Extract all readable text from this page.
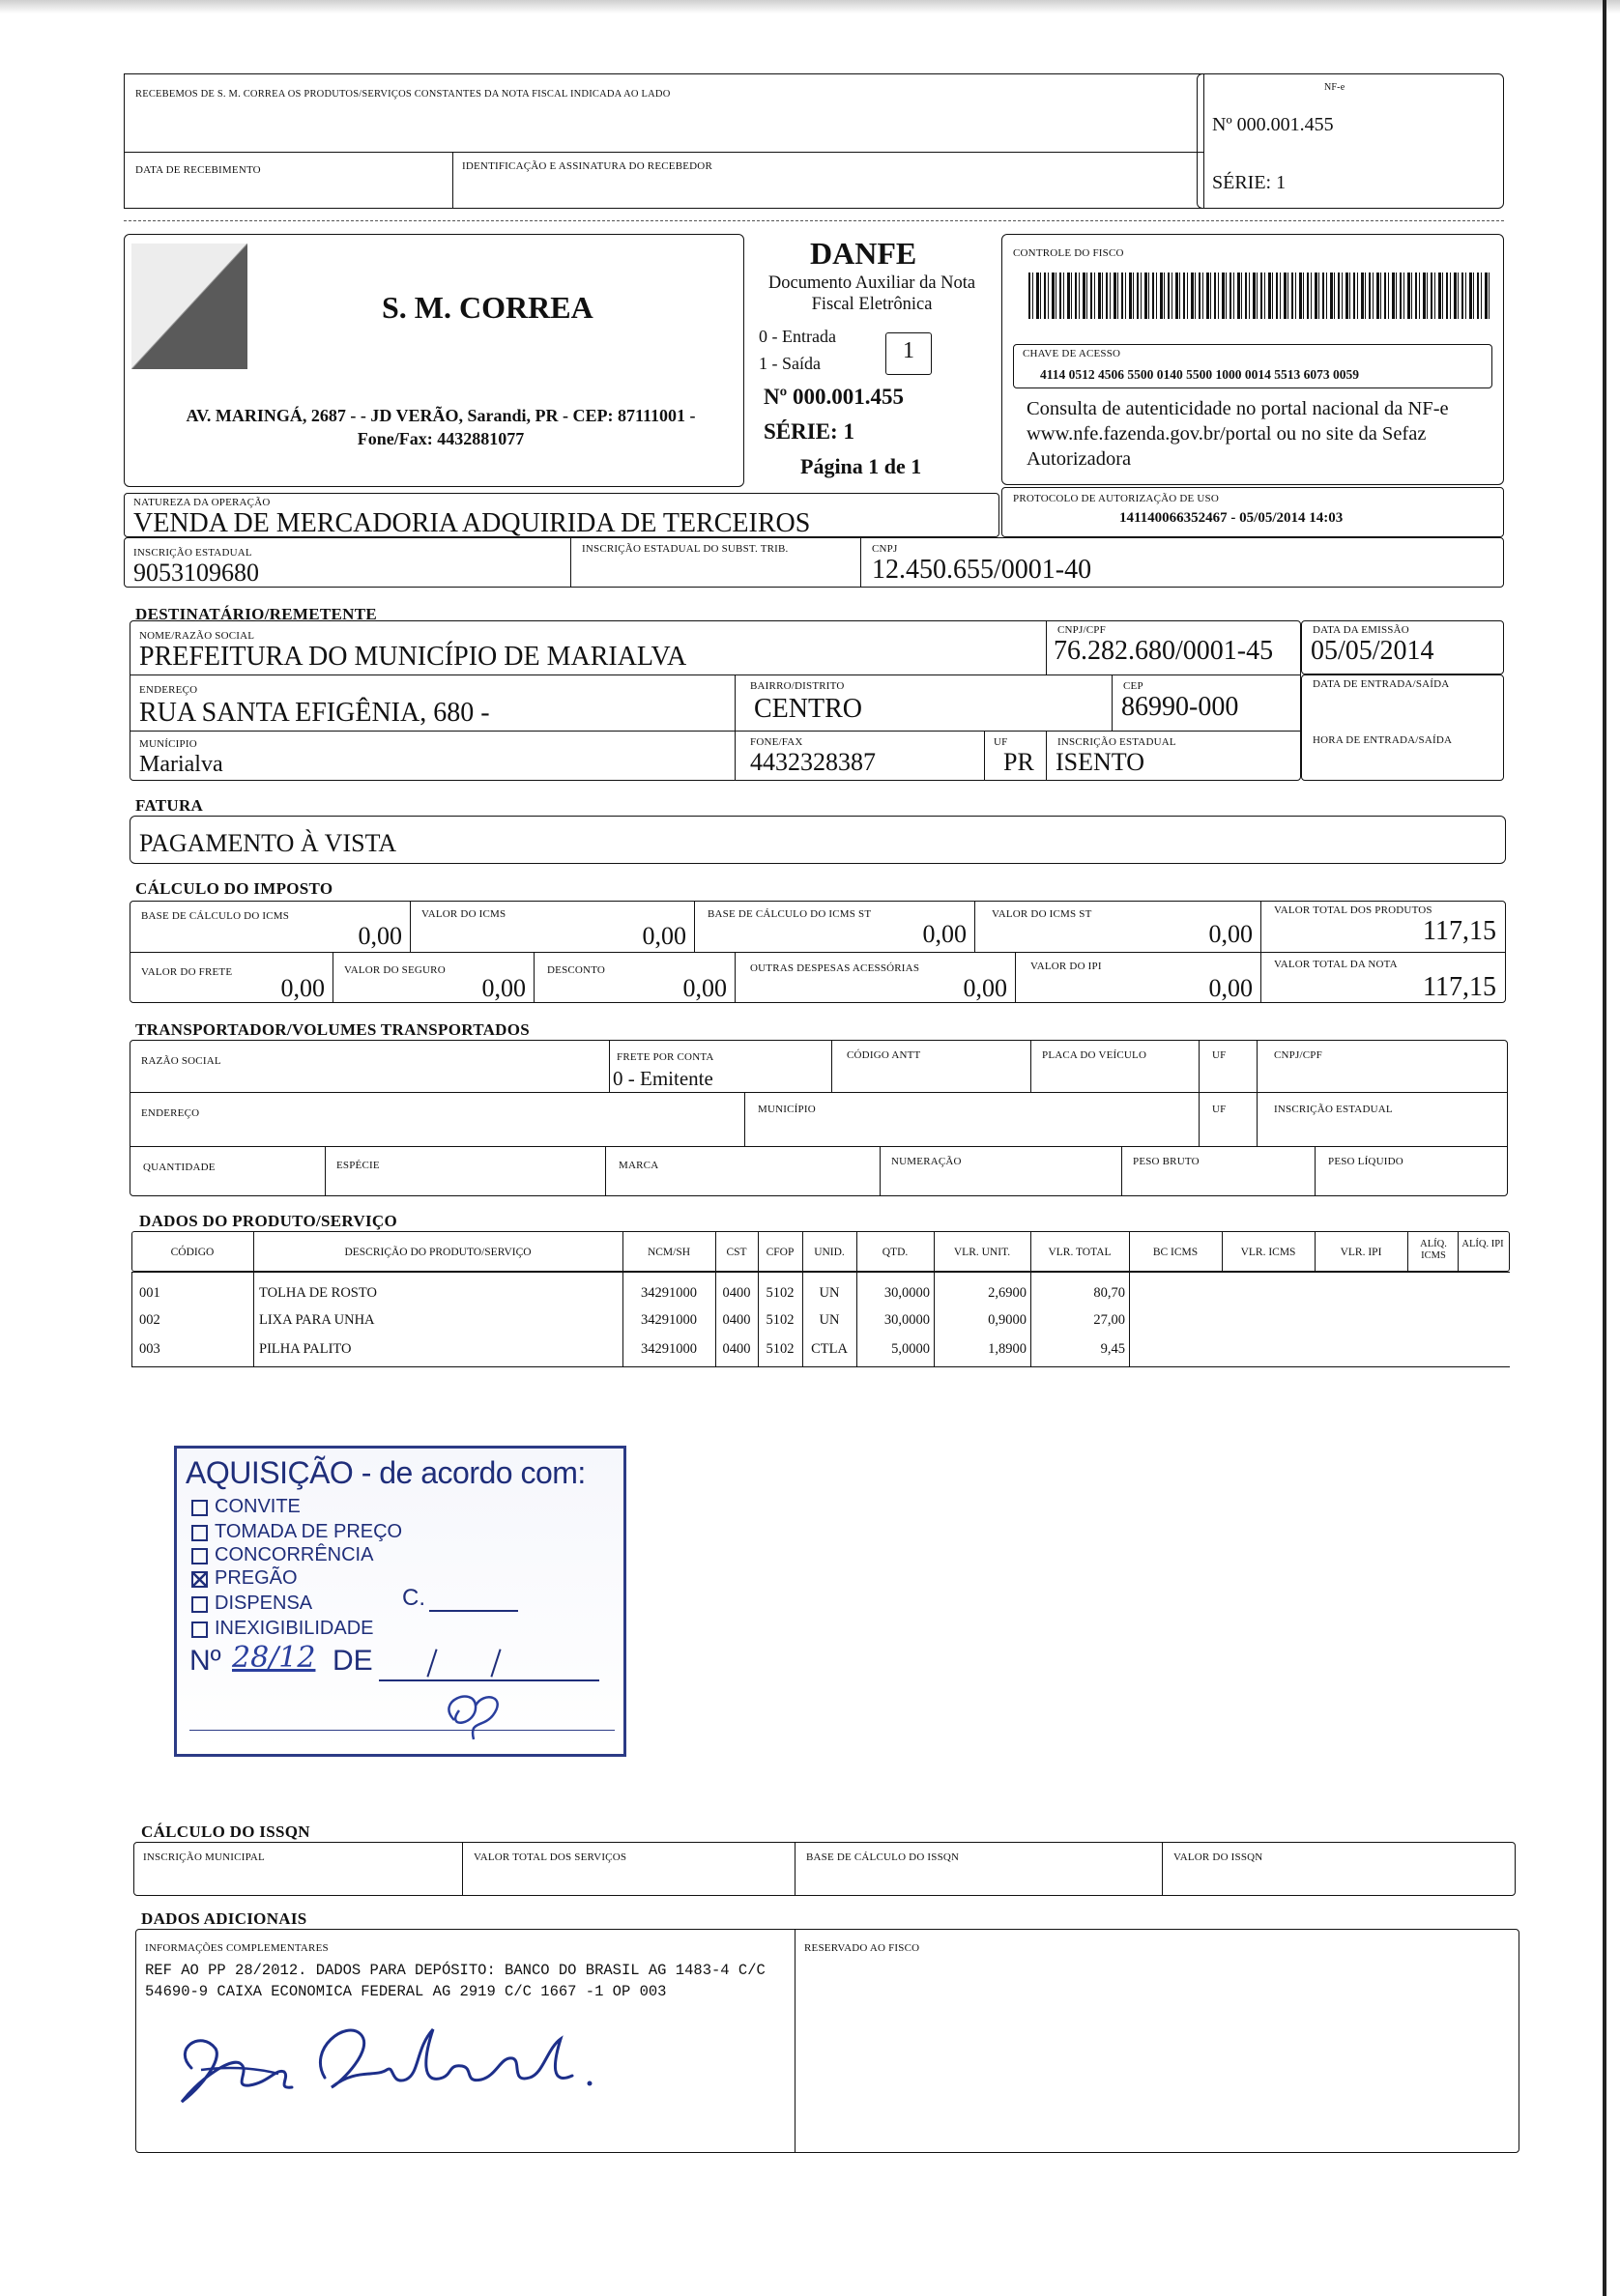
RECEBEMOS DE S. M. CORREA OS PRODUTOS/SERVIÇOS CONSTANTES DA NOTA FISCAL INDICADA AO LADO
DATA DE RECEBIMENTO	IDENTIFICAÇÃO E ASSINATURA DO RECEBEDOR
NF-e
Nº 000.001.455
SÉRIE: 1
S. M. CORREA
AV. MARINGÁ, 2687 - - JD VERÃO, Sarandi, PR - CEP: 87111001 - Fone/Fax: 4432881077
DANFE
Documento Auxiliar da Nota Fiscal Eletrônica
0 - Entrada
1 - Saída	1
Nº 000.001.455
SÉRIE: 1
Página 1 de 1
CONTROLE DO FISCO
CHAVE DE ACESSO
4114 0512 4506 5500 0140 5500 1000 0014 5513 6073 0059
Consulta de autenticidade no portal nacional da NF-e www.nfe.fazenda.gov.br/portal ou no site da Sefaz Autorizadora
NATUREZA DA OPERAÇÃO
VENDA DE MERCADORIA ADQUIRIDA DE TERCEIROS
PROTOCOLO DE AUTORIZAÇÃO DE USO
141140066352467 - 05/05/2014 14:03
INSCRIÇÃO ESTADUAL
9053109680
INSCRIÇÃO ESTADUAL DO SUBST. TRIB.	CNPJ
12.450.655/0001-40
DESTINATÁRIO/REMETENTE
NOME/RAZÃO SOCIAL
PREFEITURA DO MUNICÍPIO DE MARIALVA
CNPJ/CPF
76.282.680/0001-45
ENDEREÇO
RUA SANTA EFIGÊNIA, 680 -
BAIRRO/DISTRITO
CENTRO
CEP
86990-000
MUNÍCIPIO
Marialva
FONE/FAX
4432328387
UF
PR
INSCRIÇÃO ESTADUAL
ISENTO
DATA DA EMISSÃO
05/05/2014
DATA DE ENTRADA/SAÍDA
HORA DE ENTRADA/SAÍDA
FATURA
PAGAMENTO À VISTA
CÁLCULO DO IMPOSTO
BASE DE CÁLCULO DO ICMS
0,00
VALOR DO ICMS
0,00
BASE DE CÁLCULO DO ICMS ST
0,00
VALOR DO ICMS ST
0,00
VALOR TOTAL DOS PRODUTOS
117,15
VALOR DO FRETE
0,00
VALOR DO SEGURO
0,00
DESCONTO
0,00
OUTRAS DESPESAS ACESSÓRIAS
0,00
VALOR DO IPI
0,00
VALOR TOTAL DA NOTA
117,15
TRANSPORTADOR/VOLUMES TRANSPORTADOS
RAZÃO SOCIAL	FRETE POR CONTA
0 - Emitente
CÓDIGO ANTT	PLACA DO VEÍCULO	UF	CNPJ/CPF
ENDEREÇO	MUNICÍPIO	UF	INSCRIÇÃO ESTADUAL
QUANTIDADE	ESPÉCIE	MARCA	NUMERAÇÃO	PESO BRUTO	PESO LÍQUIDO
DADOS DO PRODUTO/SERVIÇO
CÓDIGO	DESCRIÇÃO DO PRODUTO/SERVIÇO	NCM/SH	CST	CFOP	UNID.	QTD.	VLR. UNIT.	VLR. TOTAL	BC ICMS	VLR. ICMS	VLR. IPI
ALÍQ. ICMS
ALÍQ. IPI
001	TOLHA DE ROSTO	34291000	0400	5102	UN	30,0000	2,6900	80,70
002	LIXA PARA UNHA	34291000	0400	5102	UN	30,0000	0,9000	27,00
003	PILHA PALITO	34291000	0400	5102	CTLA	5,0000	1,8900	9,45
AQUISIÇÃO - de acordo com:
CONVITE
TOMADA DE PREÇO
CONCORRÊNCIA
PREGÃO
DISPENSA	C.
INEXIGIBILIDADE
Nº 28/12 DE
CÁLCULO DO ISSQN
INSCRIÇÃO MUNICIPAL	VALOR TOTAL DOS SERVIÇOS	BASE DE CÁLCULO DO ISSQN	VALOR DO ISSQN
DADOS ADICIONAIS
INFORMAÇÕES COMPLEMENTARES
REF AO PP 28/2012. DADOS PARA DEPÓSITO: BANCO DO BRASIL AG 1483-4 C/C 54690-9 CAIXA ECONOMICA FEDERAL AG 2919 C/C 1667 -1 OP 003
RESERVADO AO FISCO
